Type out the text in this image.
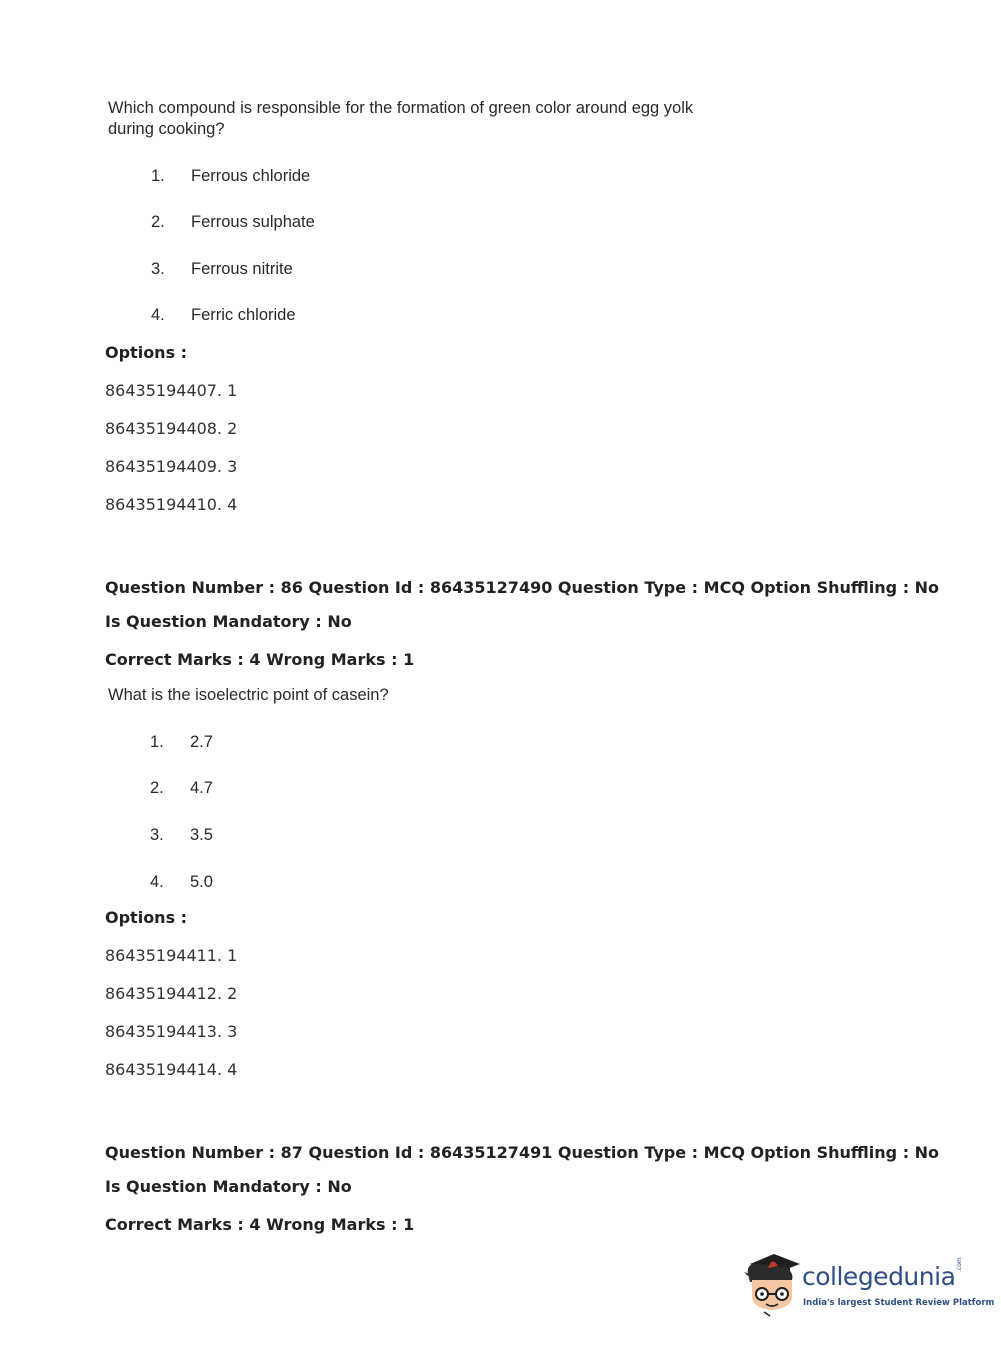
Which compound is responsible for the formation of green color around egg yolk
during cooking?
1. Ferrous chloride
2. Ferrous sulphate
3. Ferrous nitrite
4. Ferric chloride
Options :
86435194407. 1
86435194408. 2
86435194409. 3
86435194410. 4
Question Number : 86 Question Id : 86435127490 Question Type : MCQ Option Shuffling : No
Is Question Mandatory : No
Correct Marks : 4 Wrong Marks : 1
What is the isoelectric point of casein?
1. 2.7
2. 4.7
3. 3.5
4. 5.0
Options :
86435194411. 1
86435194412. 2
86435194413. 3
86435194414. 4
Question Number : 87 Question Id : 86435127491 Question Type : MCQ Option Shuffling : No
Is Question Mandatory : No
Correct Marks : 4 Wrong Marks : 1
collegedunia .com
India's largest Student Review Platform
